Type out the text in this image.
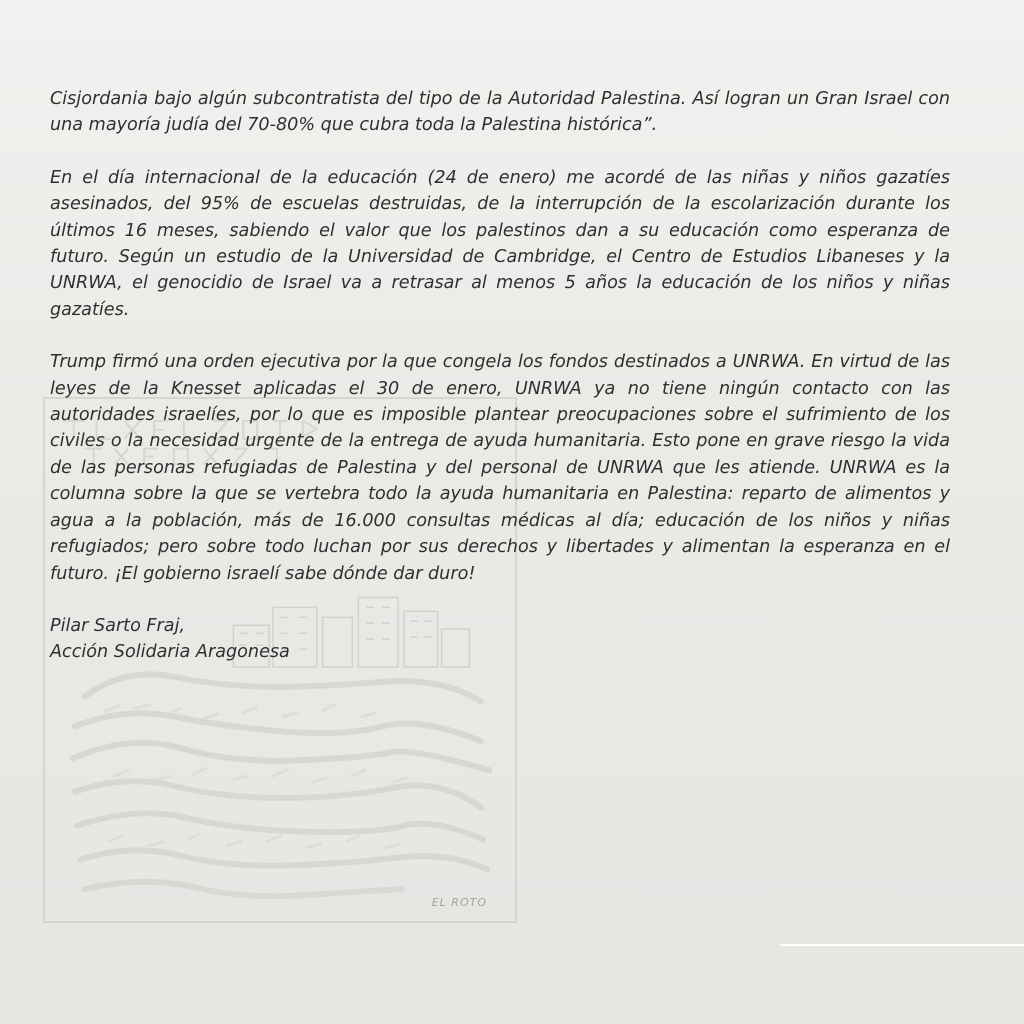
EL ROTO

Cisjordania bajo algún subcontratista del tipo de la Autoridad Palestina. Así logran un Gran Israel con una mayoría judía del 70-80% que cubra toda la Palestina histórica”.

En el día internacional de la educación (24 de enero) me acordé de las niñas y niños gazatíes asesinados, del 95% de escuelas destruidas, de la interrupción de la escolarización durante los últimos 16 meses, sabiendo el valor que los palestinos dan a su educación como esperanza de futuro. Según un estudio de la Universidad de Cambridge, el Centro de Estudios Libaneses y la UNRWA, el genocidio de Israel va a retrasar al menos 5 años la educación de los niños y niñas gazatíes.

Trump firmó una orden ejecutiva por la que congela los fondos destinados a UNRWA. En virtud de las leyes de la Knesset aplicadas el 30 de enero, UNRWA ya no tiene ningún contacto con las autoridades israelíes, por lo que es imposible plantear preocupaciones sobre el sufrimiento de los civiles o la necesidad urgente de la entrega de ayuda humanitaria. Esto pone en grave riesgo la vida de las personas refugiadas de Palestina y del personal de UNRWA que les atiende. UNRWA es la columna sobre la que se vertebra todo la ayuda humanitaria en Palestina: reparto de alimentos y agua a la población, más de 16.000 consultas médicas al día; educación de los niños y niñas refugiados; pero sobre todo luchan por sus derechos y libertades y alimentan la esperanza en el futuro. ¡El gobierno israelí sabe dónde dar duro!

Pilar Sarto Fraj,
Acción Solidaria Aragonesa
